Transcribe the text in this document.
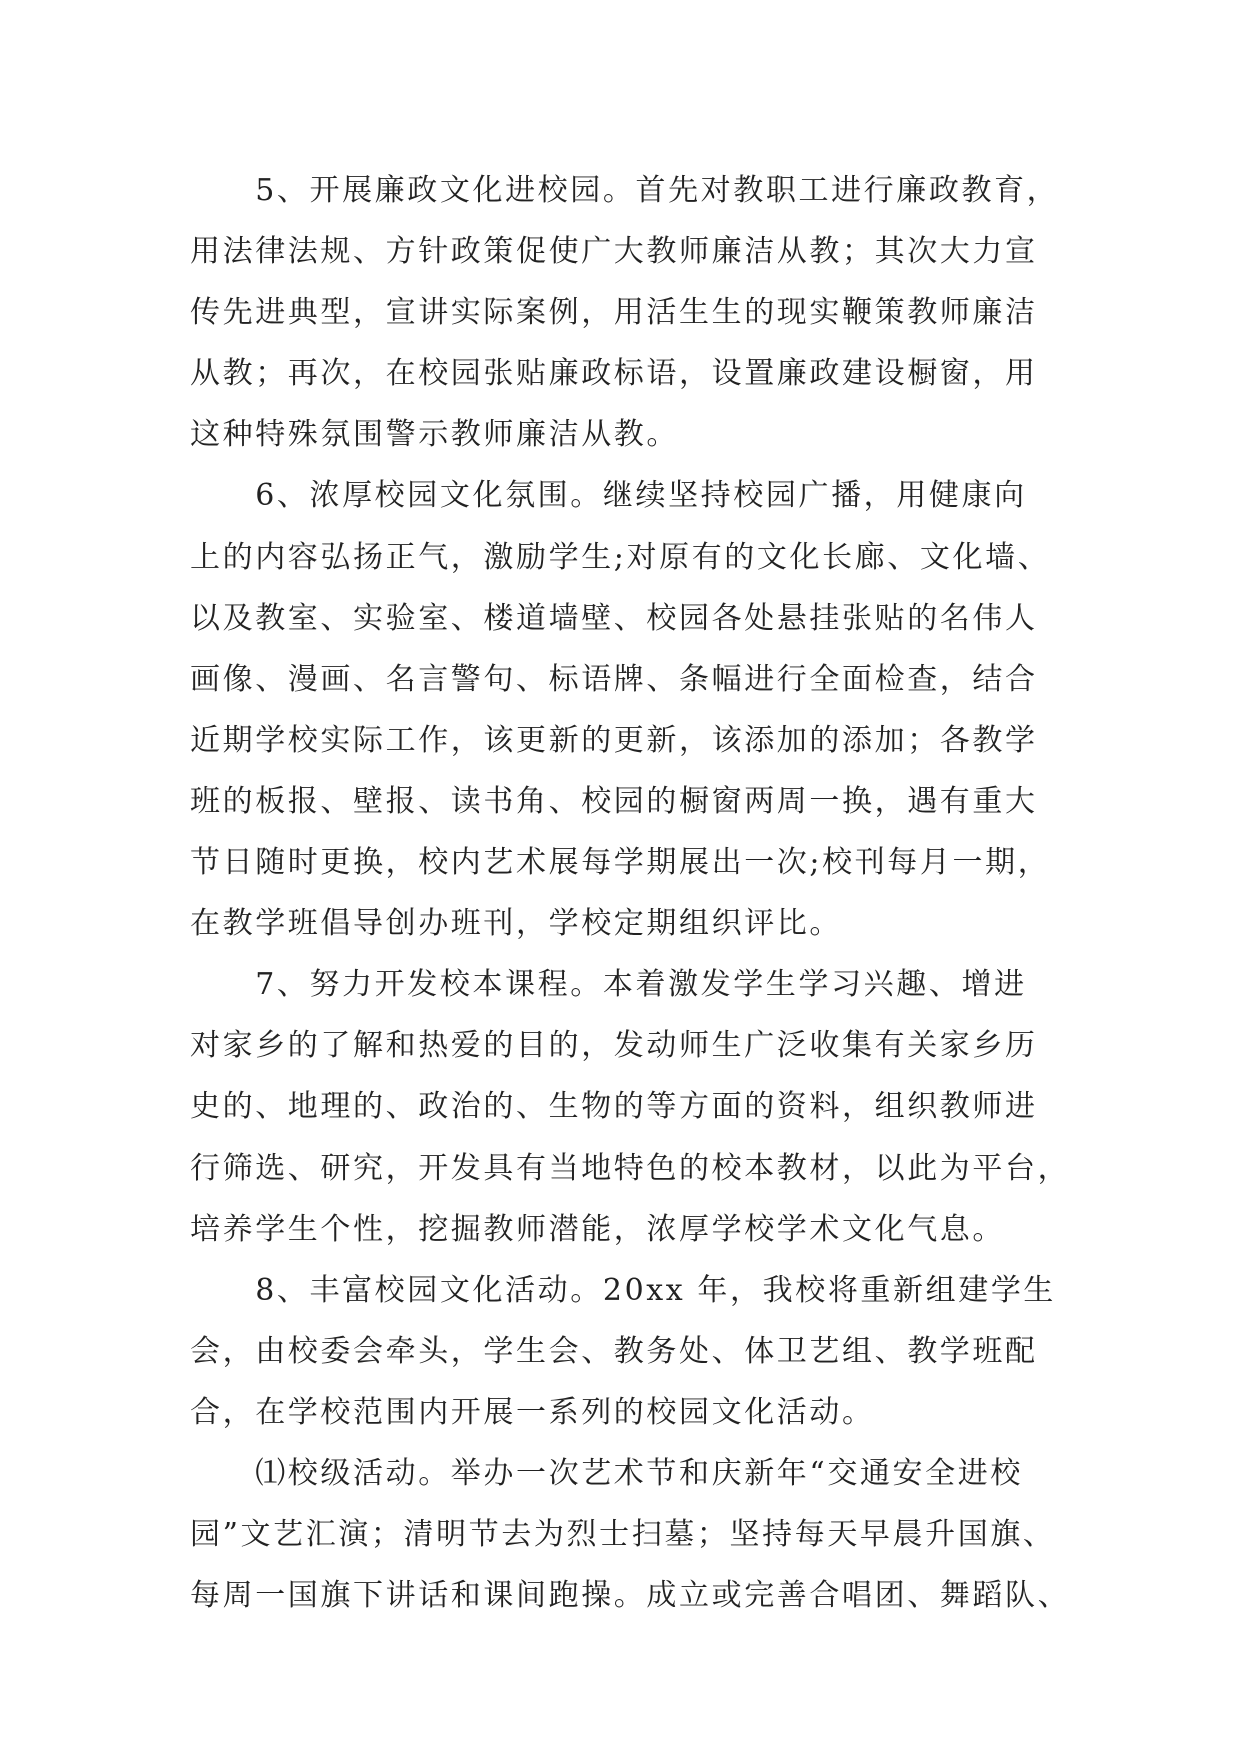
　　5、开展廉政文化进校园。首先对教职工进行廉政教育，
用法律法规、方针政策促使广大教师廉洁从教；其次大力宣
传先进典型，宣讲实际案例，用活生生的现实鞭策教师廉洁
从教；再次，在校园张贴廉政标语，设置廉政建设橱窗，用
这种特殊氛围警示教师廉洁从教。
　　6、浓厚校园文化氛围。继续坚持校园广播，用健康向
上的内容弘扬正气，激励学生;对原有的文化长廊、文化墙、
以及教室、实验室、楼道墙壁、校园各处悬挂张贴的名伟人
画像、漫画、名言警句、标语牌、条幅进行全面检查，结合
近期学校实际工作，该更新的更新，该添加的添加；各教学
班的板报、壁报、读书角、校园的橱窗两周一换，遇有重大
节日随时更换，校内艺术展每学期展出一次;校刊每月一期，
在教学班倡导创办班刊，学校定期组织评比。
　　7、努力开发校本课程。本着激发学生学习兴趣、增进
对家乡的了解和热爱的目的，发动师生广泛收集有关家乡历
史的、地理的、政治的、生物的等方面的资料，组织教师进
行筛选、研究，开发具有当地特色的校本教材，以此为平台，
培养学生个性，挖掘教师潜能，浓厚学校学术文化气息。
　　8、丰富校园文化活动。20xx 年，我校将重新组建学生
会，由校委会牵头，学生会、教务处、体卫艺组、教学班配
合，在学校范围内开展一系列的校园文化活动。
　　⑴校级活动。举办一次艺术节和庆新年“交通安全进校
园”文艺汇演；清明节去为烈士扫墓；坚持每天早晨升国旗、
每周一国旗下讲话和课间跑操。成立或完善合唱团、舞蹈队、
